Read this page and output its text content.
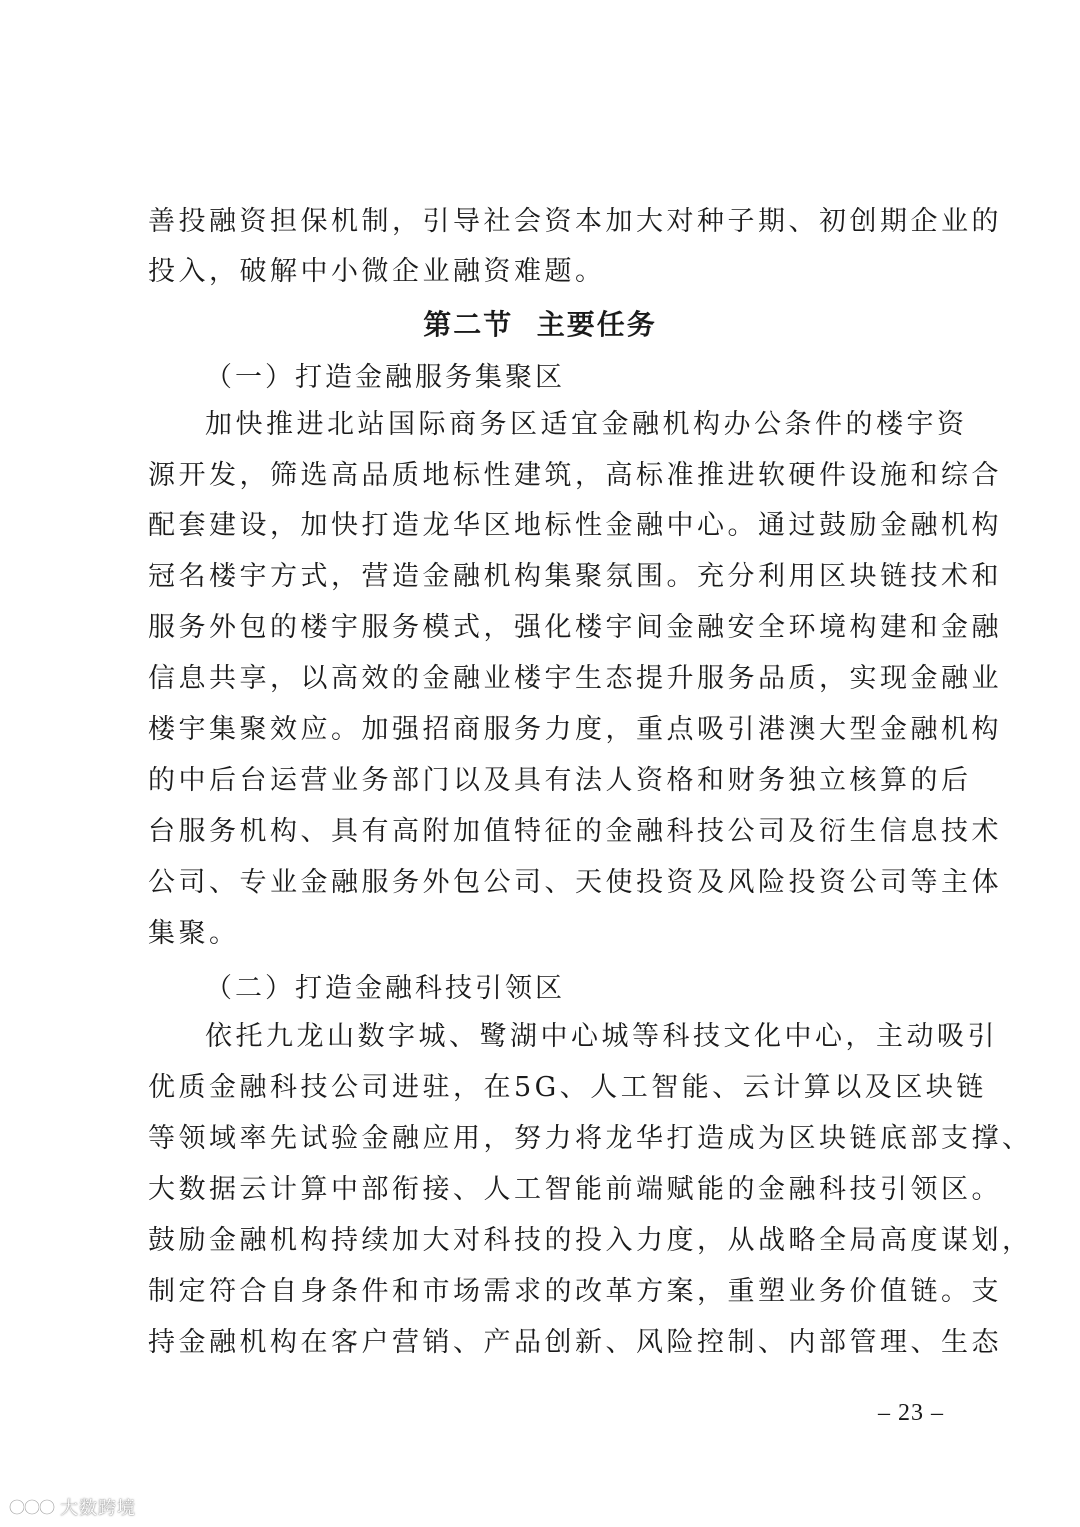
善投融资担保机制，引导社会资本加大对种子期、初创期企业的
投入，破解中小微企业融资难题。
第二节  主要任务
（一）打造金融服务集聚区
加快推进北站国际商务区适宜金融机构办公条件的楼宇资
源开发，筛选高品质地标性建筑，高标准推进软硬件设施和综合
配套建设，加快打造龙华区地标性金融中心。通过鼓励金融机构
冠名楼宇方式，营造金融机构集聚氛围。充分利用区块链技术和
服务外包的楼宇服务模式，强化楼宇间金融安全环境构建和金融
信息共享，以高效的金融业楼宇生态提升服务品质，实现金融业
楼宇集聚效应。加强招商服务力度，重点吸引港澳大型金融机构
的中后台运营业务部门以及具有法人资格和财务独立核算的后
台服务机构、具有高附加值特征的金融科技公司及衍生信息技术
公司、专业金融服务外包公司、天使投资及风险投资公司等主体
集聚。
（二）打造金融科技引领区
依托九龙山数字城、鹭湖中心城等科技文化中心，主动吸引
优质金融科技公司进驻，在5G、人工智能、云计算以及区块链
等领域率先试验金融应用，努力将龙华打造成为区块链底部支撑、
大数据云计算中部衔接、人工智能前端赋能的金融科技引领区。
鼓励金融机构持续加大对科技的投入力度，从战略全局高度谋划，
制定符合自身条件和市场需求的改革方案，重塑业务价值链。支
持金融机构在客户营销、产品创新、风险控制、内部管理、生态
– 23 –
大数跨境
